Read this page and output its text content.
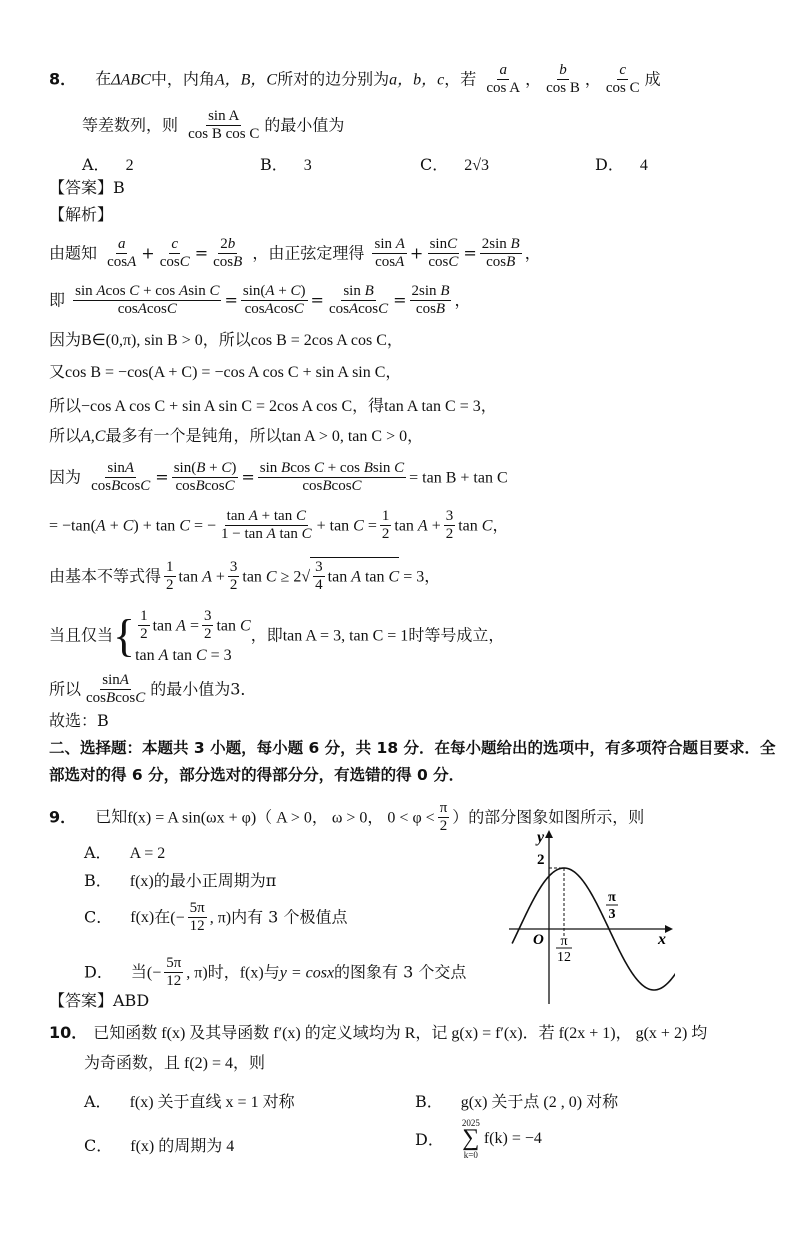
8． 在ΔABC中，内角A，B，C所对的边分别为a，b，c，若 $\frac{a}{\text{cos A}}$ ， $\frac{b}{\text{cos B}}$ ， $\frac{c}{\text{cos C}}$ 成
等差数列，则 $\frac{\text{sin A}}{\text{cos B cos C}}$ 的最小值为
A． 2	B． 3	C． 2√3	D． 4
【答案】B
【解析】
由题知 $\frac{a}{\cos A} + \frac{c}{\cos C} = \frac{2b}{\cos B}$ ，由正弦定理得 $\frac{\text{sin A}}{\cos A} + \frac{\sin C}{\cos C} = \frac{\text{2sin B}}{\cos B}$ ，
即 $\frac{\text{sin Acos C + cos Asin C}}{\text{cosAcosC}} = \frac{\sin(A + C)}{\text{cosAcosC}} = \frac{\text{sin B}}{\text{cosAcosC}} = \frac{\text{2sin B}}{\cos B}$ ，
因为B∈(0,π), sin B > 0，所以cos B = 2cos A cos C，
又cos B = −cos(A + C) = −cos A cos C + sin A sin C，
所以−cos A cos C + sin A sin C = 2cos A cos C，得tan A tan C = 3，
所以A,C最多有一个是钝角，所以tan A > 0, tan C > 0，
因为 $\frac{\sin A}{\text{cosBcosC}} = \frac{\sin(B + C)}{\text{cosBcosC}} = \frac{\text{sin Bcos C + cos Bsin C}}{\text{cosBcosC}} = \tan B + \tan C$
= −tan(A + C) + tan C = − $\frac{\text{tan A + tan C}}{\text{1 − tan A tan C}} + \tan C = \frac{1}{2}$ $\tan A + \frac{3}{2}$ tan C，
由基本不等式得 $\frac{1}{2}$ $\tan A + \frac{3}{2}$ $\tan C \ge 2√ \frac{3}{4}$ tan A tan C = 3，
当且仅当{ $\frac{1}{2}$ $\tan A = \frac{3}{2}$ tan C
tan A tan C = 3
，即tan A = 3, tan C = 1时等号成立，
所以 $\frac{\sin A}{\text{cosBcosC}}$ 的最小值为3．
故选：B
二、选择题：本题共 3 小题，每小题 6 分，共 18 分．在每小题给出的选项中，有多项符合题目要求．全
部选对的得 6 分，部分选对的得部分分，有选错的得 0 分．
9． 已知f(x) = A sin(ωx + φ)（ A > 0， ω > 0， $0 < \varphi < \frac{\pi}{2}$ ）的部分图象如图所示，则
A． A = 2
B． f(x)的最小正周期为π
C． f(x)在(− $\frac{5\pi}{12}$ , π)内有 3 个极值点
D． 当(− $\frac{5\pi}{12}$ , π)时，f(x)与y = cosx的图象有 3 个交点
【答案】ABD
y
x
O
2
π
12
π
3
10． 已知函数 f(x) 及其导函数 f′(x) 的定义域均为 R，记 g(x) = f′(x)．若 f(2x + 1)， g(x + 2) 均
为奇函数，且 f(2) = 4，则
A． f(x) 关于直线 x = 1 对称	B． g(x) 关于点 (2 , 0) 对称
C． f(x) 的周期为 4	D．
2025
∑
k=0
f(k) = −4
